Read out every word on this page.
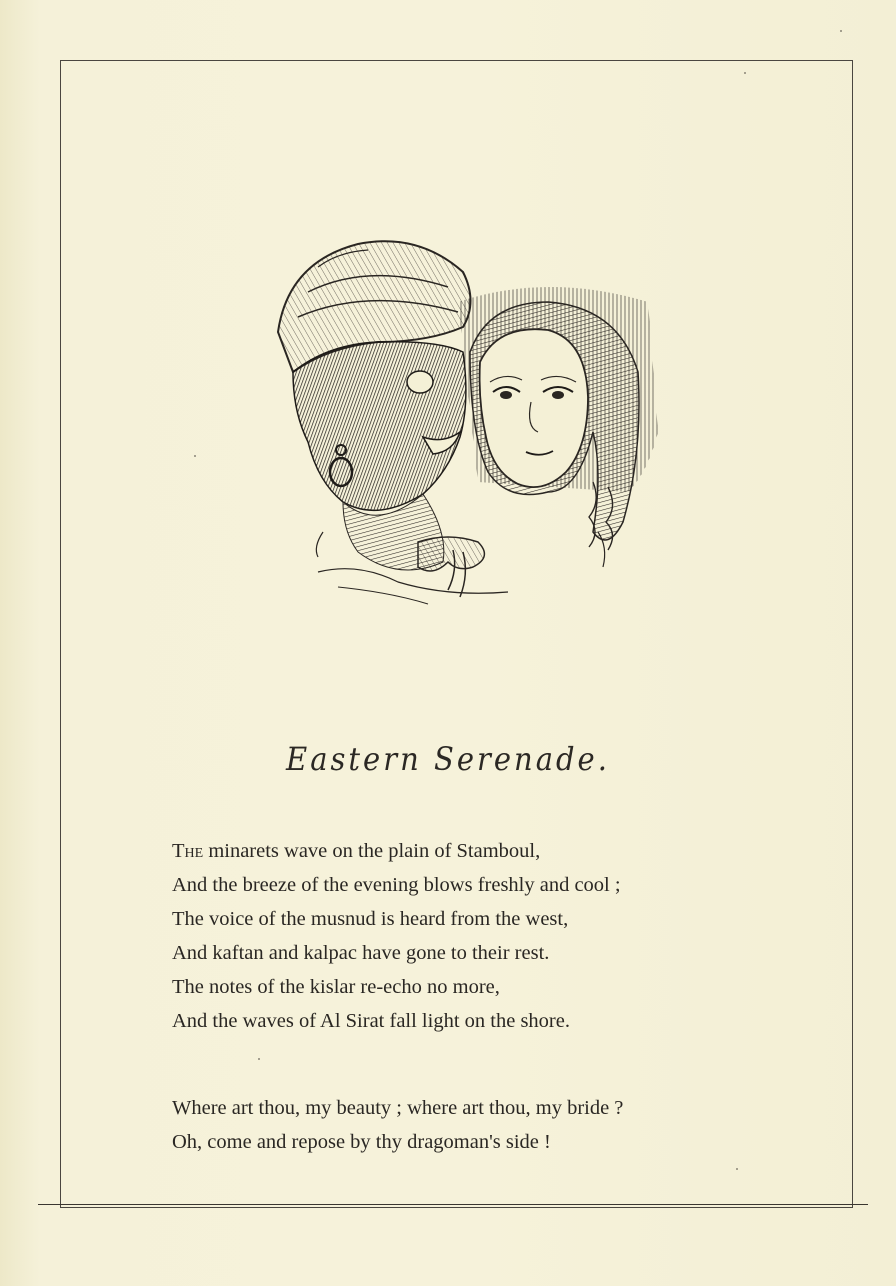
Eastern Serenade.
The minarets wave on the plain of Stamboul,
And the breeze of the evening blows freshly and cool ;
The voice of the musnud is heard from the west,
And kaftan and kalpac have gone to their rest.
The notes of the kislar re-echo no more,
And the waves of Al Sirat fall light on the shore.
Where art thou, my beauty ; where art thou, my bride ?
Oh, come and repose by thy dragoman's side !
